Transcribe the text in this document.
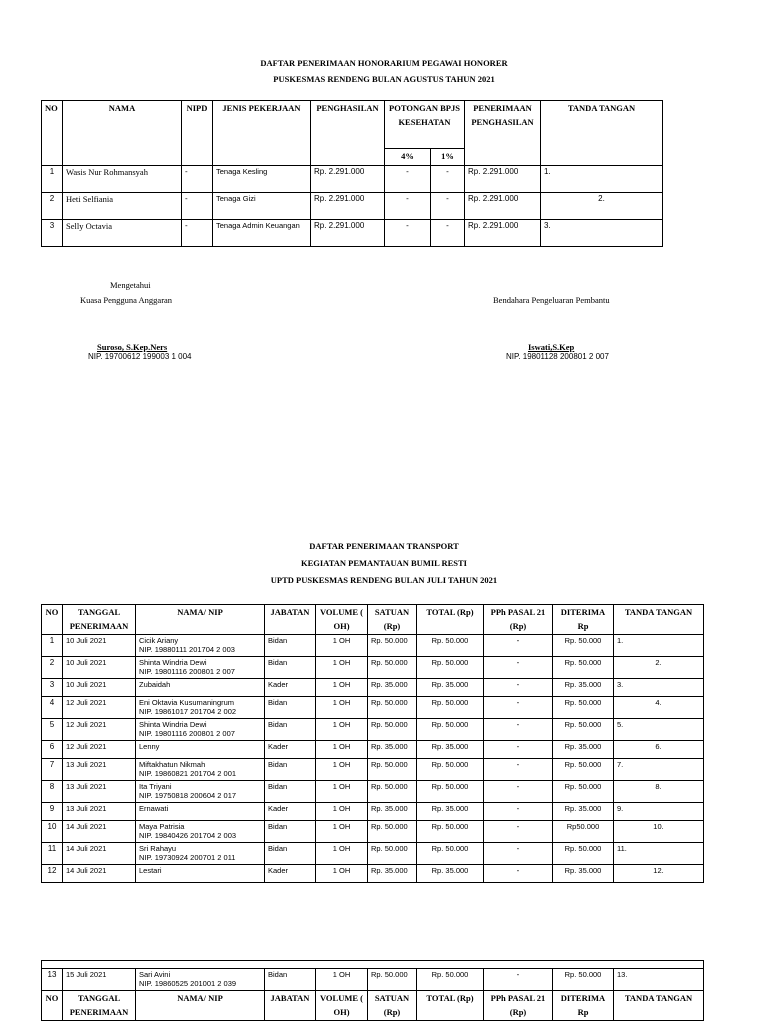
DAFTAR PENERIMAAN HONORARIUM PEGAWAI HONORER
PUSKESMAS RENDENG BULAN AGUSTUS TAHUN 2021
NO	NAMA	NIPD	JENIS PEKERJAAN	PENGHASILAN	POTONGAN BPJS KESEHATAN		PENERIMAAN PENGHASILAN	TANDA TANGAN
					4%	1%		
1	Wasis Nur Rohmansyah	-	Tenaga Kesling	Rp. 2.291.000	-	-	Rp. 2.291.000	1.
2	Heti Selfiania	-	Tenaga Gizi	Rp. 2.291.000	-	-	Rp. 2.291.000	2.
3	Selly Octavia	-	Tenaga Admin Keuangan	Rp. 2.291.000	-	-	Rp. 2.291.000	3.
Mengetahui
Kuasa Pengguna Anggaran	Bendahara Pengeluaran Pembantu
Suroso, S.Kep.Ners
NIP. 19700612 199003 1 004
Iswati,S.Kep
NIP. 19801128 200801 2 007
DAFTAR PENERIMAAN TRANSPORT
KEGIATAN PEMANTAUAN BUMIL RESTI
UPTD PUSKESMAS RENDENG BULAN JULI TAHUN 2021
NO	TANGGAL PENERIMAAN	NAMA/ NIP	JABATAN	VOLUME ( OH)	SATUAN (Rp)	TOTAL (Rp)	PPh PASAL 21 (Rp)	DITERIMA Rp	TANDA TANGAN
1	10 Juli 2021	Cicik Ariany
NIP. 19880111 201704 2 003	Bidan	1 OH	Rp. 50.000	Rp. 50.000	-	Rp. 50.000	1.
2	10 Juli 2021	Shinta Windria Dewi
NIP. 19801116 200801 2 007	Bidan	1 OH	Rp. 50.000	Rp. 50.000	-	Rp. 50.000	2.
3	10 Juli 2021	Zubaidah	Kader	1 OH	Rp. 35.000	Rp. 35.000	-	Rp. 35.000	3.
4	12 Juli 2021	Eni Oktavia Kusumaningrum
NIP. 19861017 201704 2 002	Bidan	1 OH	Rp. 50.000	Rp. 50.000	-	Rp. 50.000	4.
5	12 Juli 2021	Shinta Windria Dewi
NIP. 19801116 200801 2 007	Bidan	1 OH	Rp. 50.000	Rp. 50.000	-	Rp. 50.000	5.
6	12 Juli 2021	Lenny	Kader	1 OH	Rp. 35.000	Rp. 35.000	-	Rp. 35.000	6.
7	13 Juli 2021	Miftakhatun Nikmah
NIP. 19860821 201704 2 001	Bidan	1 OH	Rp. 50.000	Rp. 50.000	-	Rp. 50.000	7.
8	13 Juli 2021	Ita Triyani
NIP. 19750818 200604 2 017	Bidan	1 OH	Rp. 50.000	Rp. 50.000	-	Rp. 50.000	8.
9	13 Juli 2021	Ernawati	Kader	1 OH	Rp. 35.000	Rp. 35.000	-	Rp. 35.000	9.
10	14 Juli 2021	Maya Patrisia
NIP. 19840426 201704 2 003	Bidan	1 OH	Rp. 50.000	Rp. 50.000	-	Rp50.000	10.
11	14 Juli 2021	Sri Rahayu
NIP. 19730924 200701 2 011	Bidan	1 OH	Rp. 50.000	Rp. 50.000	-	Rp. 50.000	11.
12	14 Juli 2021	Lestari	Kader	1 OH	Rp. 35.000	Rp. 35.000	-	Rp. 35.000	12.

13	15 Juli 2021	Sari Avini
NIP. 19860525 201001 2 039	Bidan	1 OH	Rp. 50.000	Rp. 50.000	-	Rp. 50.000	13.
NO	TANGGAL PENERIMAAN	NAMA/ NIP	JABATAN	VOLUME ( OH)	SATUAN (Rp)	TOTAL (Rp)	PPh PASAL 21 (Rp)	DITERIMA Rp	TANDA TANGAN
